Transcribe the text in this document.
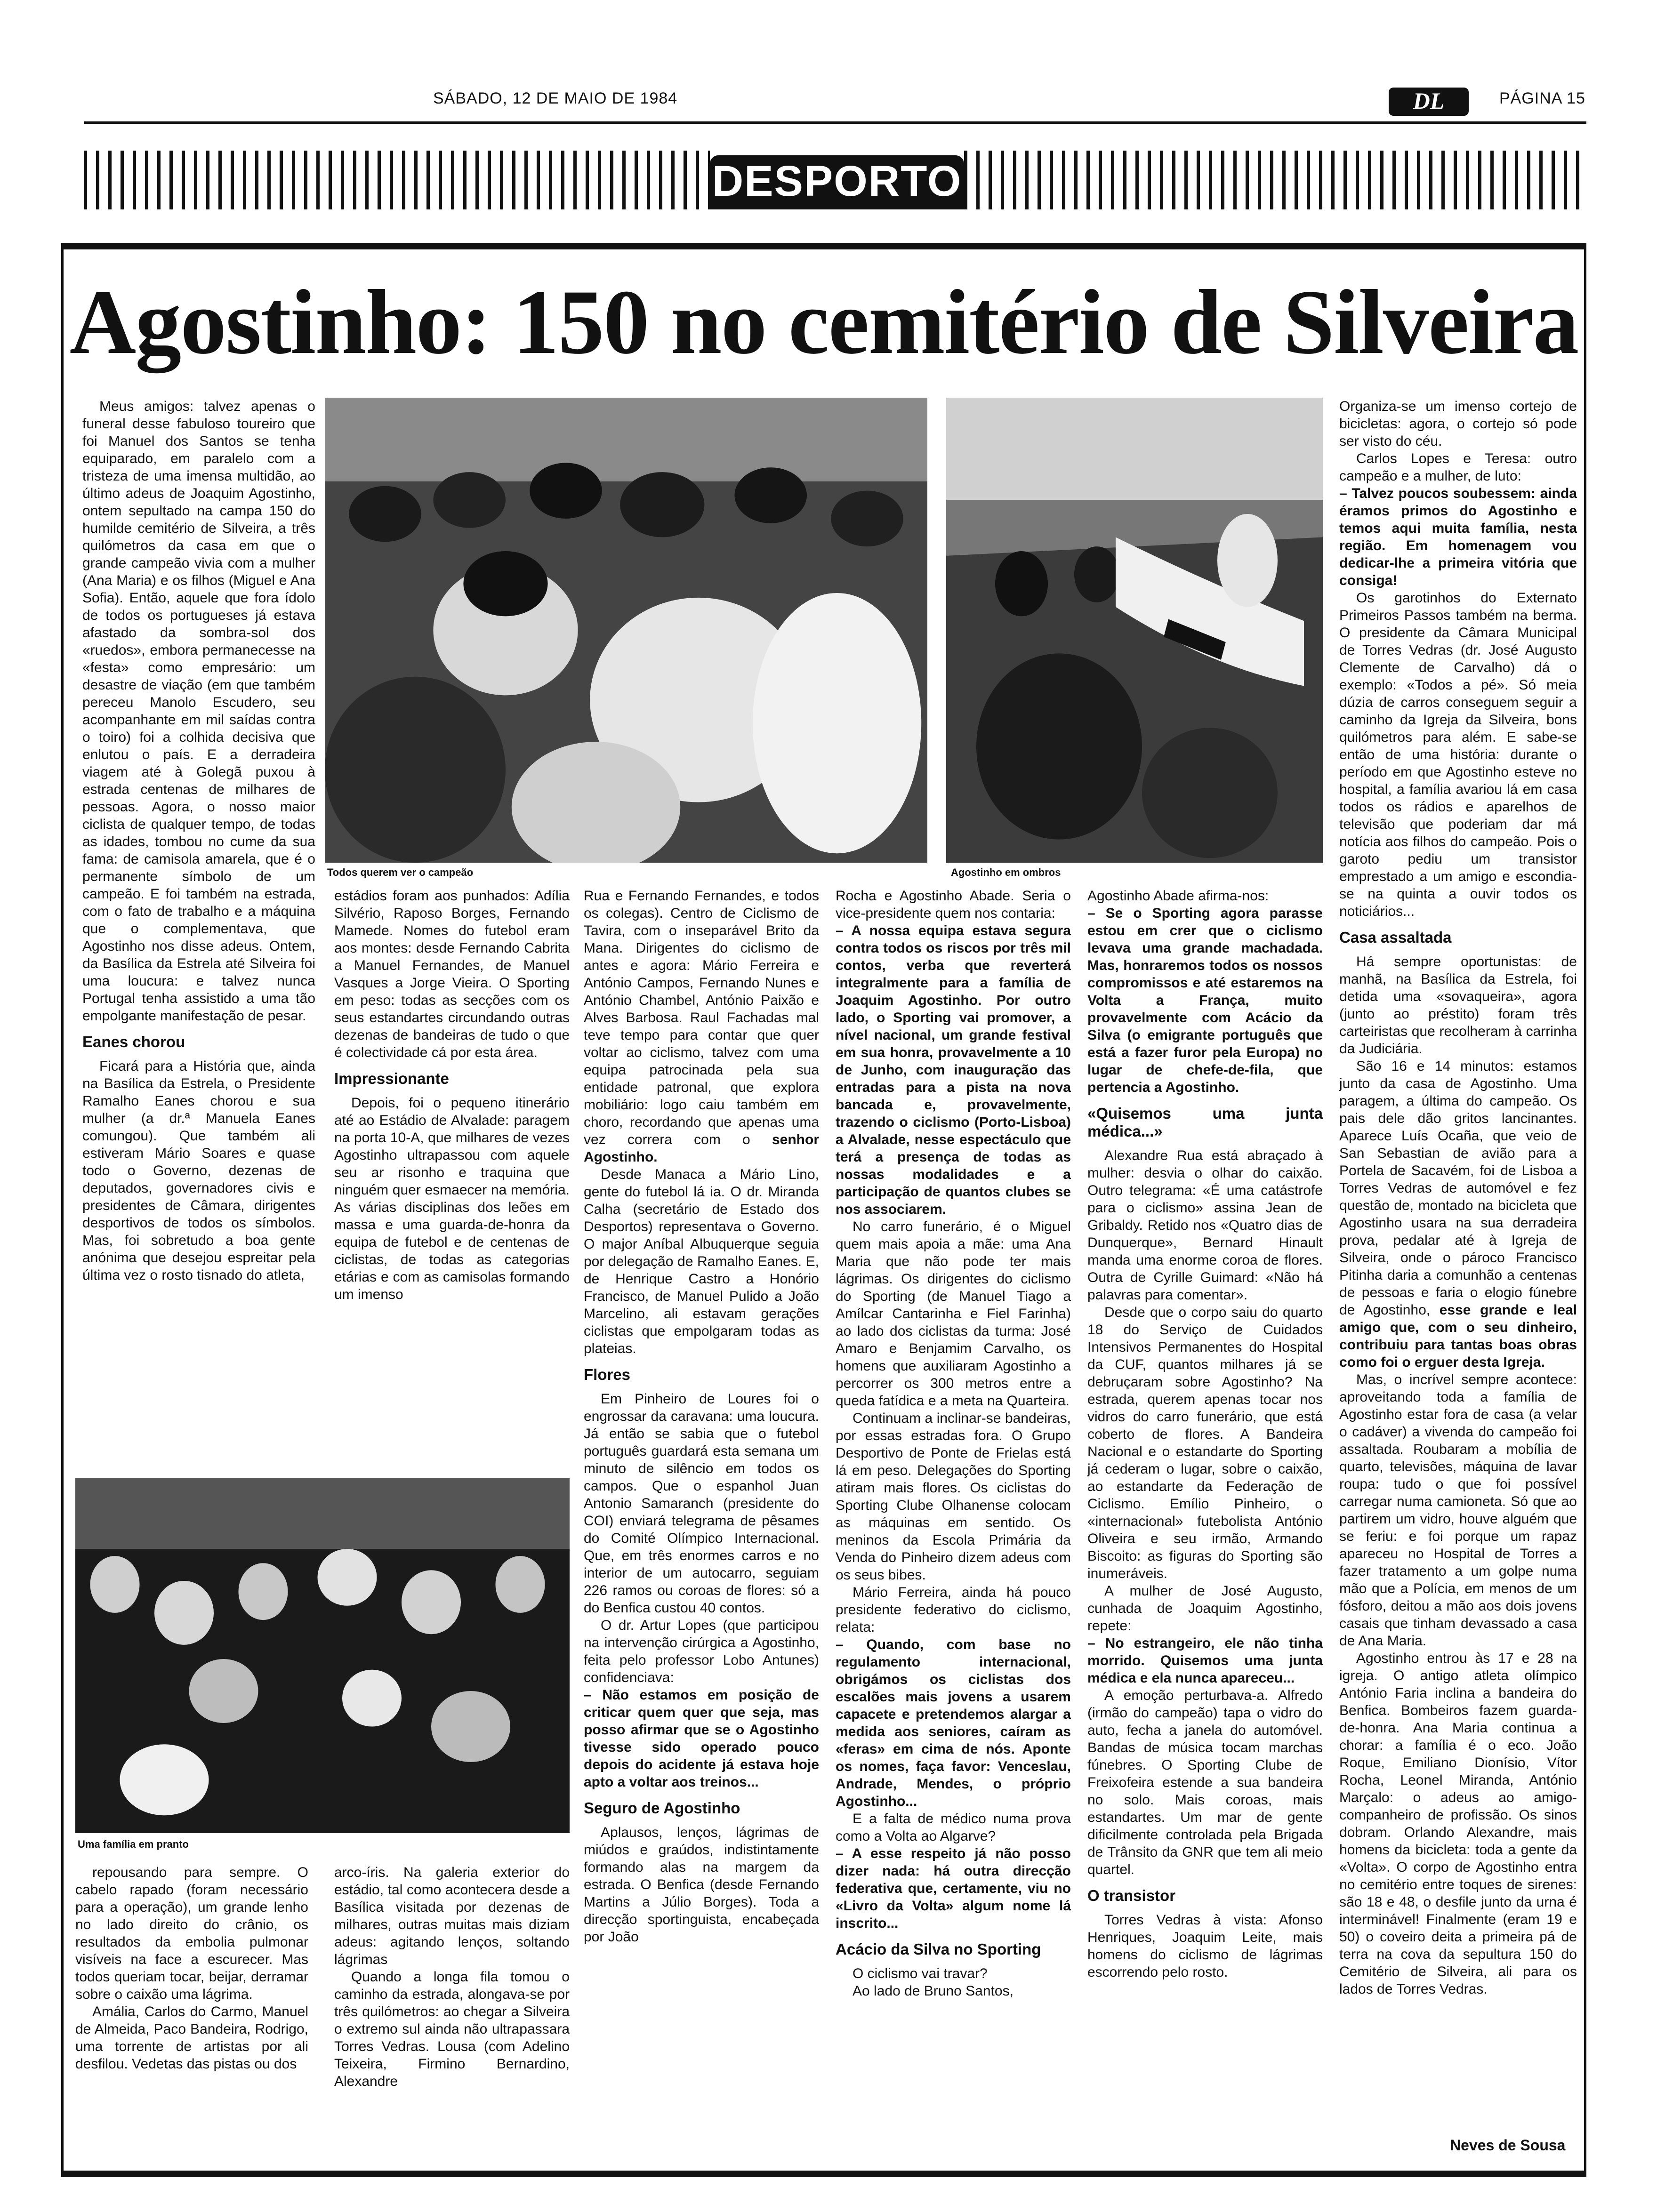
SÁBADO, 12 DE MAIO DE 1984	DL	PÁGINA 15
DESPORTO
Agostinho: 150 no cemitério de Silveira
Todos querem ver o campeão	Agostinho em ombros
Uma família em pranto

Meus amigos: talvez apenas o funeral desse fabuloso toureiro que foi Manuel dos Santos se tenha equiparado, em paralelo com a tristeza de uma imensa multidão, ao último adeus de Joaquim Agostinho, ontem sepultado na campa 150 do humilde cemitério de Silveira, a três quilómetros da casa em que o grande campeão vivia com a mulher (Ana Maria) e os filhos (Miguel e Ana Sofia). Então, aquele que fora ídolo de todos os portugueses já estava afastado da sombra-sol dos «ruedos», embora permanecesse na «festa» como empresário: um desastre de viação (em que também pereceu Manolo Escudero, seu acompanhante em mil saídas contra o toiro) foi a colhida decisiva que enlutou o país. E a derradeira viagem até à Golegã puxou à estrada centenas de milhares de pessoas. Agora, o nosso maior ciclista de qualquer tempo, de todas as idades, tombou no cume da sua fama: de camisola amarela, que é o permanente símbolo de um campeão. E foi também na estrada, com o fato de trabalho e a máquina que o complementava, que Agostinho nos disse adeus. Ontem, da Basílica da Estrela até Silveira foi uma loucura: e talvez nunca Portugal tenha assistido a uma tão empolgante manifestação de pesar.

Eanes chorou

Ficará para a História que, ainda na Basílica da Estrela, o Presidente Ramalho Eanes chorou e sua mulher (a dr.ª Manuela Eanes comungou). Que também ali estiveram Mário Soares e quase todo o Governo, dezenas de deputados, governadores civis e presidentes de Câmara, dirigentes desportivos de todos os símbolos. Mas, foi sobretudo a boa gente anónima que desejou espreitar pela última vez o rosto tisnado do atleta,

repousando para sempre. O cabelo rapado (foram necessário para a operação), um grande lenho no lado direito do crânio, os resultados da embolia pulmonar visíveis na face a escurecer. Mas todos queriam tocar, beijar, derramar sobre o caixão uma lágrima.

Amália, Carlos do Carmo, Manuel de Almeida, Paco Bandeira, Rodrigo, uma torrente de artistas por ali desfilou. Vedetas das pistas ou dos

estádios foram aos punhados: Adília Silvério, Raposo Borges, Fernando Mamede. Nomes do futebol eram aos montes: desde Fernando Cabrita a Manuel Fernandes, de Manuel Vasques a Jorge Vieira. O Sporting em peso: todas as secções com os seus estandartes circundando outras dezenas de bandeiras de tudo o que é colectividade cá por esta área.

Impressionante

Depois, foi o pequeno itinerário até ao Estádio de Alvalade: paragem na porta 10-A, que milhares de vezes Agostinho ultrapassou com aquele seu ar risonho e traquina que ninguém quer esmaecer na memória. As várias disciplinas dos leões em massa e uma guarda-de-honra da equipa de futebol e de centenas de ciclistas, de todas as categorias etárias e com as camisolas formando um imenso

arco-íris. Na galeria exterior do estádio, tal como acontecera desde a Basílica visitada por dezenas de milhares, outras muitas mais diziam adeus: agitando lenços, soltando lágrimas

Quando a longa fila tomou o caminho da estrada, alongava-se por três quilómetros: ao chegar a Silveira o extremo sul ainda não ultrapassara Torres Vedras. Lousa (com Adelino Teixeira, Firmino Bernardino, Alexandre

Rua e Fernando Fernandes, e todos os colegas). Centro de Ciclismo de Tavira, com o inseparável Brito da Mana. Dirigentes do ciclismo de antes e agora: Mário Ferreira e António Campos, Fernando Nunes e António Chambel, António Paixão e Alves Barbosa. Raul Fachadas mal teve tempo para contar que quer voltar ao ciclismo, talvez com uma equipa patrocinada pela sua entidade patronal, que explora mobiliário: logo caiu também em choro, recordando que apenas uma vez correra com o senhor Agostinho.

Desde Manaca a Mário Lino, gente do futebol lá ia. O dr. Miranda Calha (secretário de Estado dos Desportos) representava o Governo. O major Aníbal Albuquerque seguia por delegação de Ramalho Eanes. E, de Henrique Castro a Honório Francisco, de Manuel Pulido a João Marcelino, ali estavam gerações ciclistas que empolgaram todas as plateias.

Flores

Em Pinheiro de Loures foi o engrossar da caravana: uma loucura. Já então se sabia que o futebol português guardará esta semana um minuto de silêncio em todos os campos. Que o espanhol Juan Antonio Samaranch (presidente do COI) enviará telegrama de pêsames do Comité Olímpico Internacional. Que, em três enormes carros e no interior de um autocarro, seguiam 226 ramos ou coroas de flores: só a do Benfica custou 40 contos.

O dr. Artur Lopes (que participou na intervenção cirúrgica a Agostinho, feita pelo professor Lobo Antunes) confidenciava:

– Não estamos em posição de criticar quem quer que seja, mas posso afirmar que se o Agostinho tivesse sido operado pouco depois do acidente já estava hoje apto a voltar aos treinos...

Seguro de Agostinho

Aplausos, lenços, lágrimas de miúdos e graúdos, indistintamente formando alas na margem da estrada. O Benfica (desde Fernando Martins a Júlio Borges). Toda a direcção sportinguista, encabeçada por João

Rocha e Agostinho Abade. Seria o vice-presidente quem nos contaria:

– A nossa equipa estava segura contra todos os riscos por três mil contos, verba que reverterá integralmente para a família de Joaquim Agostinho. Por outro lado, o Sporting vai promover, a nível nacional, um grande festival em sua honra, provavelmente a 10 de Junho, com inauguração das entradas para a pista na nova bancada e, provavelmente, trazendo o ciclismo (Porto-Lisboa) a Alvalade, nesse espectáculo que terá a presença de todas as nossas modalidades e a participação de quantos clubes se nos associarem.

No carro funerário, é o Miguel quem mais apoia a mãe: uma Ana Maria que não pode ter mais lágrimas. Os dirigentes do ciclismo do Sporting (de Manuel Tiago a Amílcar Cantarinha e Fiel Farinha) ao lado dos ciclistas da turma: José Amaro e Benjamim Carvalho, os homens que auxiliaram Agostinho a percorrer os 300 metros entre a queda fatídica e a meta na Quarteira.

Continuam a inclinar-se bandeiras, por essas estradas fora. O Grupo Desportivo de Ponte de Frielas está lá em peso. Delegações do Sporting atiram mais flores. Os ciclistas do Sporting Clube Olhanense colocam as máquinas em sentido. Os meninos da Escola Primária da Venda do Pinheiro dizem adeus com os seus bibes.

Mário Ferreira, ainda há pouco presidente federativo do ciclismo, relata:

– Quando, com base no regulamento internacional, obrigámos os ciclistas dos escalões mais jovens a usarem capacete e pretendemos alargar a medida aos seniores, caíram as «feras» em cima de nós. Aponte os nomes, faça favor: Venceslau, Andrade, Mendes, o próprio Agostinho...

E a falta de médico numa prova como a Volta ao Algarve?

– A esse respeito já não posso dizer nada: há outra direcção federativa que, certamente, viu no «Livro da Volta» algum nome lá inscrito...

Acácio da Silva no Sporting

O ciclismo vai travar?

Ao lado de Bruno Santos,

Agostinho Abade afirma-nos:

– Se o Sporting agora parasse estou em crer que o ciclismo levava uma grande machadada. Mas, honraremos todos os nossos compromissos e até estaremos na Volta a França, muito provavelmente com Acácio da Silva (o emigrante português que está a fazer furor pela Europa) no lugar de chefe-de-fila, que pertencia a Agostinho.

«Quisemos uma junta médica...»

Alexandre Rua está abraçado à mulher: desvia o olhar do caixão. Outro telegrama: «É uma catástrofe para o ciclismo» assina Jean de Gribaldy. Retido nos «Quatro dias de Dunquerque», Bernard Hinault manda uma enorme coroa de flores. Outra de Cyrille Guimard: «Não há palavras para comentar».

Desde que o corpo saiu do quarto 18 do Serviço de Cuidados Intensivos Permanentes do Hospital da CUF, quantos milhares já se debruçaram sobre Agostinho? Na estrada, querem apenas tocar nos vidros do carro funerário, que está coberto de flores. A Bandeira Nacional e o estandarte do Sporting já cederam o lugar, sobre o caixão, ao estandarte da Federação de Ciclismo. Emílio Pinheiro, o «internacional» futebolista António Oliveira e seu irmão, Armando Biscoito: as figuras do Sporting são inumeráveis.

A mulher de José Augusto, cunhada de Joaquim Agostinho, repete:

– No estrangeiro, ele não tinha morrido. Quisemos uma junta médica e ela nunca apareceu...

A emoção perturbava-a. Alfredo (irmão do campeão) tapa o vidro do auto, fecha a janela do automóvel. Bandas de música tocam marchas fúnebres. O Sporting Clube de Freixofeira estende a sua bandeira no solo. Mais coroas, mais estandartes. Um mar de gente dificilmente controlada pela Brigada de Trânsito da GNR que tem ali meio quartel.

O transistor

Torres Vedras à vista: Afonso Henriques, Joaquim Leite, mais homens do ciclismo de lágrimas escorrendo pelo rosto.

Organiza-se um imenso cortejo de bicicletas: agora, o cortejo só pode ser visto do céu.

Carlos Lopes e Teresa: outro campeão e a mulher, de luto:

– Talvez poucos soubessem: ainda éramos primos do Agostinho e temos aqui muita família, nesta região. Em homenagem vou dedicar-lhe a primeira vitória que consiga!

Os garotinhos do Externato Primeiros Passos também na berma. O presidente da Câmara Municipal de Torres Vedras (dr. José Augusto Clemente de Carvalho) dá o exemplo: «Todos a pé». Só meia dúzia de carros conseguem seguir a caminho da Igreja da Silveira, bons quilómetros para além. E sabe-se então de uma história: durante o período em que Agostinho esteve no hospital, a família avariou lá em casa todos os rádios e aparelhos de televisão que poderiam dar má notícia aos filhos do campeão. Pois o garoto pediu um transistor emprestado a um amigo e escondia-se na quinta a ouvir todos os noticiários...

Casa assaltada

Há sempre oportunistas: de manhã, na Basílica da Estrela, foi detida uma «sovaqueira», agora (junto ao préstito) foram três carteiristas que recolheram à carrinha da Judiciária.

São 16 e 14 minutos: estamos junto da casa de Agostinho. Uma paragem, a última do campeão. Os pais dele dão gritos lancinantes. Aparece Luís Ocaña, que veio de San Sebastian de avião para a Portela de Sacavém, foi de Lisboa a Torres Vedras de automóvel e fez questão de, montado na bicicleta que Agostinho usara na sua derradeira prova, pedalar até à Igreja de Silveira, onde o pároco Francisco Pitinha daria a comunhão a centenas de pessoas e faria o elogio fúnebre de Agostinho, esse grande e leal amigo que, com o seu dinheiro, contribuiu para tantas boas obras como foi o erguer desta Igreja.

Mas, o incrível sempre acontece: aproveitando toda a família de Agostinho estar fora de casa (a velar o cadáver) a vivenda do campeão foi assaltada. Roubaram a mobília de quarto, televisões, máquina de lavar roupa: tudo o que foi possível carregar numa camioneta. Só que ao partirem um vidro, houve alguém que se feriu: e foi porque um rapaz apareceu no Hospital de Torres a fazer tratamento a um golpe numa mão que a Polícia, em menos de um fósforo, deitou a mão aos dois jovens casais que tinham devassado a casa de Ana Maria.

Agostinho entrou às 17 e 28 na igreja. O antigo atleta olímpico António Faria inclina a bandeira do Benfica. Bombeiros fazem guarda-de-honra. Ana Maria continua a chorar: a família é o eco. João Roque, Emiliano Dionísio, Vítor Rocha, Leonel Miranda, António Marçalo: o adeus ao amigo-companheiro de profissão. Os sinos dobram. Orlando Alexandre, mais homens da bicicleta: toda a gente da «Volta». O corpo de Agostinho entra no cemitério entre toques de sirenes: são 18 e 48, o desfile junto da urna é interminável! Finalmente (eram 19 e 50) o coveiro deita a primeira pá de terra na cova da sepultura 150 do Cemitério de Silveira, ali para os lados de Torres Vedras.

Neves de Sousa
